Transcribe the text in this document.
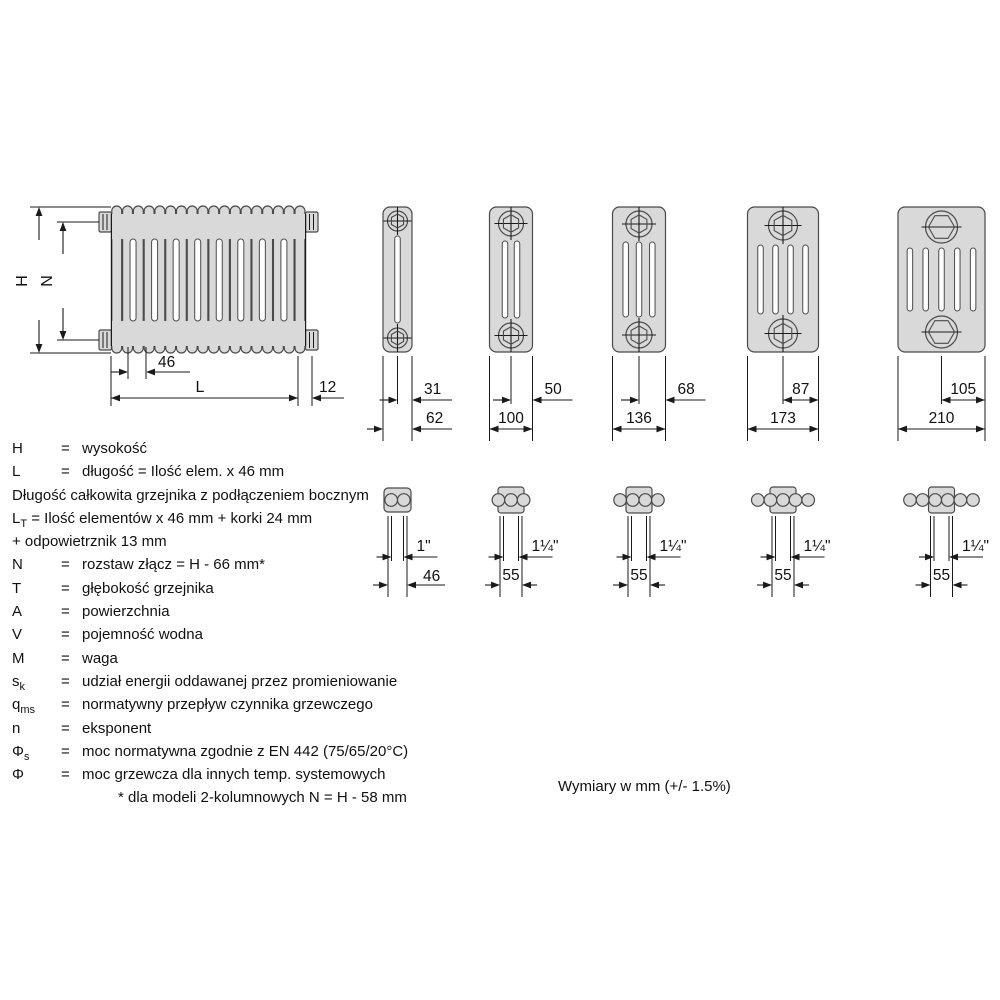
H N
46
L	12	31
62
50
100
68
136
87
173
105
210
1"
46
1¼"
55
1¼"
55
1¼"
55
1¼"
55
H	= wysokość
L	= długość = Ilość elem. x 46 mm
Długość całkowita grzejnika z podłączeniem bocznym
$L_T$ = Ilość elementów x 46 mm + korki 24 mm
+ odpowietrznik 13 mm
N	= rozstaw złącz = H - 66 mm*
T	= głębokość grzejnika
A	= powierzchnia
V	= pojemność wodna
M = waga
$s_k$ = udział energii oddawanej przez promieniowanie
$q_{ms}$ = normatywny przepływ czynnika grzewczego
n	= eksponent
$\Phi_s$ = moc normatywna zgodnie z EN 442 (75/65/20°C)
Φ = moc grzewcza dla innych temp. systemowych
* dla modeli 2-kolumnowych N = H - 58 mm
Wymiary w mm (+/- 1.5%)
